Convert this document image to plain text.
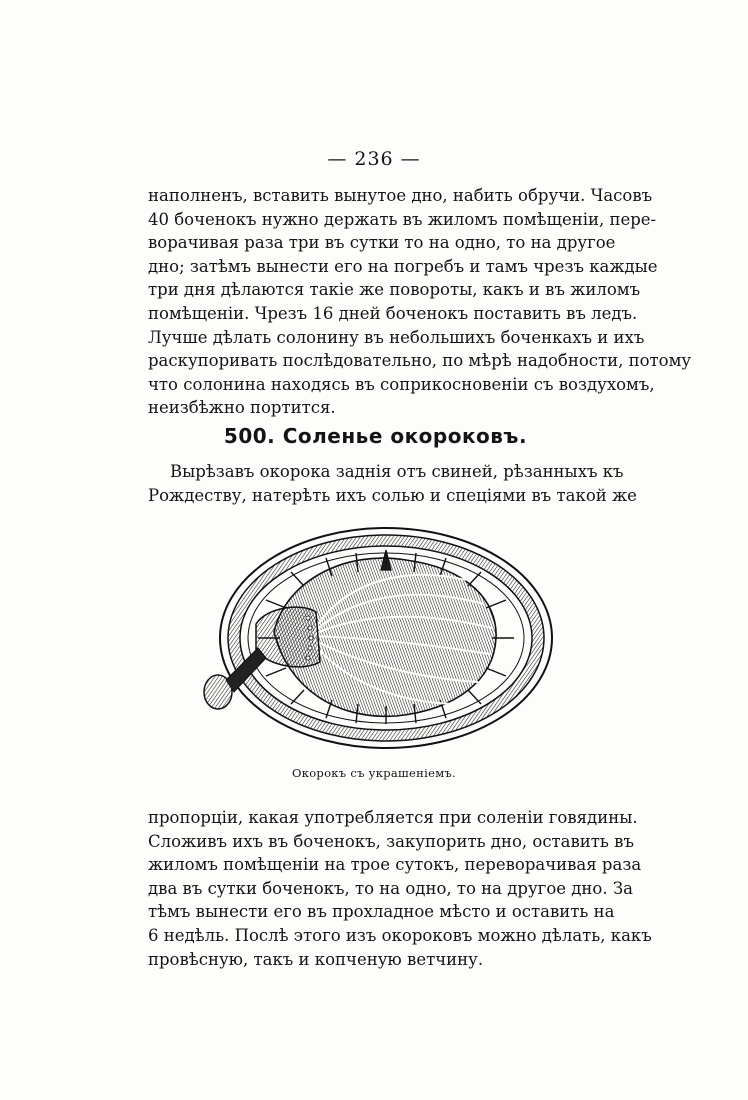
— 236 —
наполненъ, вставить вынутое дно, набить обручи. Часовъ
40 боченокъ нужно держать въ жиломъ помѣщеніи, пере-
ворачивая раза три въ сутки то на одно, то на другое
дно; затѣмъ вынести его на погребъ и тамъ чрезъ каждые
три дня дѣлаются такіе же повороты, какъ и въ жиломъ
помѣщеніи. Чрезъ 16 дней боченокъ поставить въ ледъ.
Лучше дѣлать солонину въ небольшихъ боченкахъ и ихъ
раскупоривать послѣдовательно, по мѣрѣ надобности, потому
что солонина находясь въ соприкосновеніи съ воздухомъ,
неизбѣжно портится.
500. Соленье окороковъ.
Вырѣзавъ окорока заднія отъ свиней, рѣзанныхъ къ
Рождеству, натерѣть ихъ солью и спеціями въ такой же
Окорокъ съ украшеніемъ.
пропорціи, какая употребляется при соленіи говядины.
Сложивъ ихъ въ боченокъ, закупорить дно, оставить въ
жиломъ помѣщеніи на трое сутокъ, переворачивая раза
два въ сутки боченокъ, то на одно, то на другое дно. За
тѣмъ вынести его въ прохладное мѣсто и оставить на
6 недѣль. Послѣ этого изъ окороковъ можно дѣлать, какъ
провѣсную, такъ и копченую ветчину.
